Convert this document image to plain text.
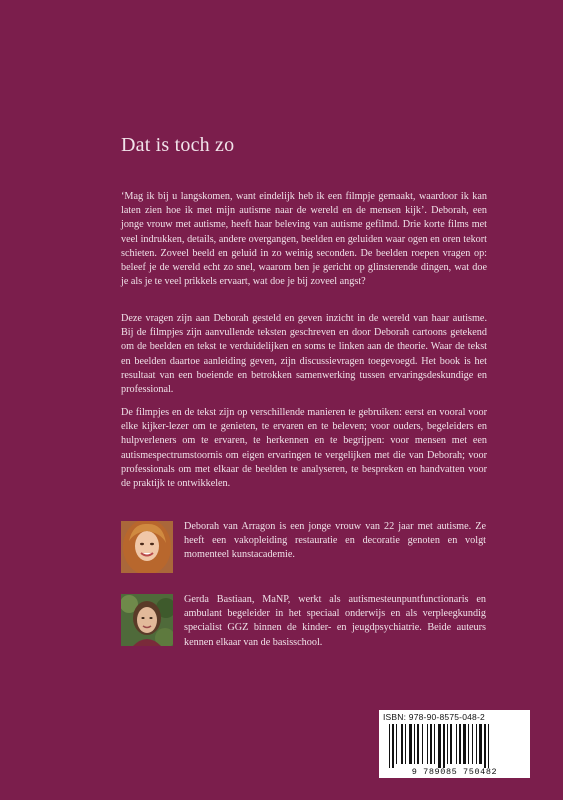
Dat is toch zo

‘Mag ik bij u langskomen, want eindelijk heb ik een filmpje gemaakt, waardoor ik kan laten zien hoe ik met mijn autisme naar de wereld en de mensen kijk’. Deborah, een jonge vrouw met autisme, heeft haar beleving van autisme gefilmd. Drie korte films met veel indrukken, details, andere overgangen, beelden en geluiden waar ogen en oren tekort schieten. Zoveel beeld en geluid in zo weinig seconden. De beelden roepen vragen op: beleef je de wereld echt zo snel, waarom ben je gericht op glinsterende dingen, wat doe je als je te veel prikkels ervaart, wat doe je bij zoveel angst?

Deze vragen zijn aan Deborah gesteld en geven inzicht in de wereld van haar autisme. Bij de filmpjes zijn aanvullende teksten geschreven en door Deborah cartoons getekend om de beelden en tekst te verduidelijken en soms te linken aan de theorie. Waar de tekst en beelden daartoe aanleiding geven, zijn discussievragen toegevoegd. Het book is het resultaat van een boeiende en betrokken samenwerking tussen ervaringsdeskundige en professional.

De filmpjes en de tekst zijn op verschillende manieren te gebruiken: eerst en vooral voor elke kijker-lezer om te genieten, te ervaren en te beleven; voor ouders, begeleiders en hulpverleners om te ervaren, te herkennen en te begrijpen: voor mensen met een autismespectrumstoornis om eigen ervaringen te vergelijken met die van Deborah; voor professionals om met elkaar de beelden te analyseren, te bespreken en handvatten voor de praktijk te ontwikkelen.

Deborah van Arragon is een jonge vrouw van 22 jaar met autisme. Ze heeft een vakopleiding restauratie en decoratie genoten en volgt momenteel kunstacademie.

Gerda Bastiaan, MaNP, werkt als autismesteunpuntfunctionaris en ambulant begeleider in het speciaal onderwijs en als verpleegkundig specialist GGZ binnen de kinder- en jeugdpsychiatrie. Beide auteurs kennen elkaar van de basisschool.

ISBN: 978-90-8575-048-2
9 789085 750482
